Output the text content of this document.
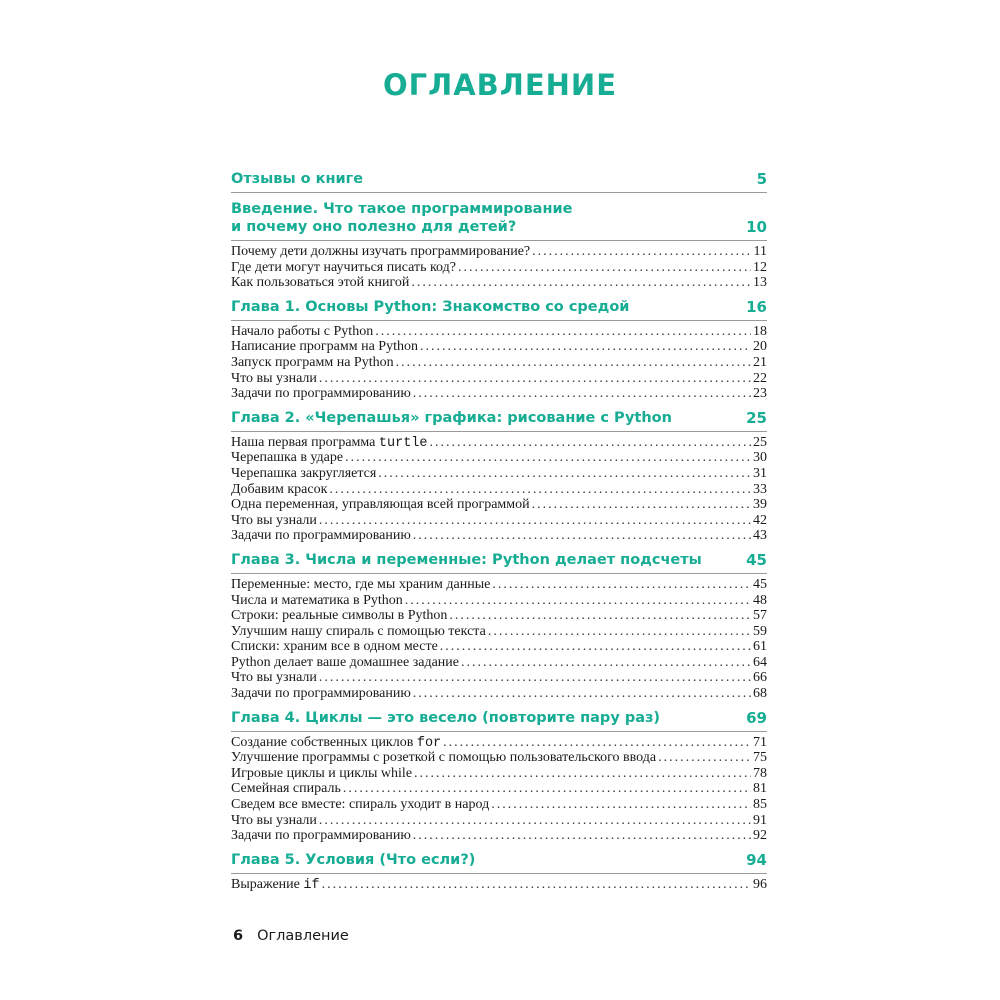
ОГЛАВЛЕНИЕ
Отзывы о книге	5
Введение. Что такое программирование
и почему оно полезно для детей?	10
Почему дети должны изучать программирование? .....	11
Где дети могут научиться писать код? .....	12
Как пользоваться этой книгой .....	13
Глава 1. Основы Python: Знакомство со средой	16
Начало работы с Python .....	18
Написание программ на Python .....	20
Запуск программ на Python .....	21
Что вы узнали .....	22
Задачи по программированию .....	23
Глава 2. «Черепашья» графика: рисование с Python	25
Наша первая программа turtle .....	25
Черепашка в ударе .....	30
Черепашка закругляется .....	31
Добавим красок .....	33
Одна переменная, управляющая всей программой .....	39
Что вы узнали .....	42
Задачи по программированию .....	43
Глава 3. Числа и переменные: Python делает подсчеты	45
Переменные: место, где мы храним данные .....	45
Числа и математика в Python .....	48
Строки: реальные символы в Python .....	57
Улучшим нашу спираль с помощью текста .....	59
Списки: храним все в одном месте .....	61
Python делает ваше домашнее задание .....	64
Что вы узнали .....	66
Задачи по программированию .....	68
Глава 4. Циклы — это весело (повторите пару раз)	69
Создание собственных циклов for .....	71
Улучшение программы с розеткой с помощью пользовательского ввода .....	75
Игровые циклы и циклы while .....	78
Семейная спираль .....	81
Сведем все вместе: спираль уходит в народ .....	85
Что вы узнали .....	91
Задачи по программированию .....	92
Глава 5. Условия (Что если?)	94
Выражение if .....	96
6 Оглавление
